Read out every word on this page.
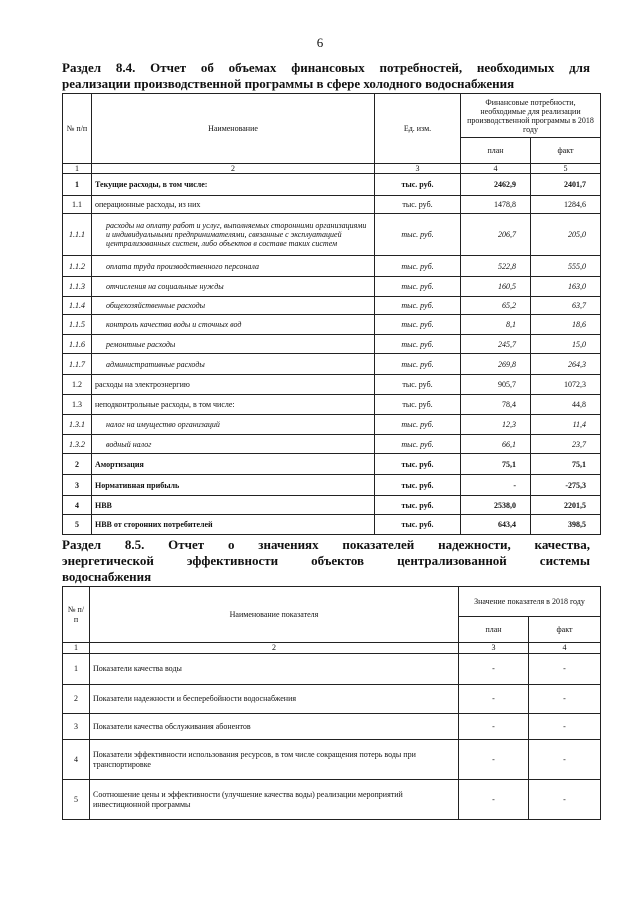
6
Раздел 8.4. Отчет об объемах финансовых потребностей, необходимых для
реализации производственной программы в сфере холодного водоснабжения
№ п/п	Наименование	Ед. изм.	Финансовые потребности, необходимые для реализации производственной программы в 2018 году	
			план	факт
1	2	3	4	5
1	Текущие расходы, в том числе:	тыс. руб.	2462,9	2401,7
1.1	операционные расходы, из них	тыс. руб.	1478,8	1284,6
1.1.1	расходы на оплату работ и услуг, выполняемых сторонними организациями и индивидуальными предпринимателями, связанные с эксплуатацией централизованных систем, либо объектов в составе таких систем	тыс. руб.	206,7	205,0
1.1.2	оплата труда производственного персонала	тыс. руб.	522,8	555,0
1.1.3	отчисления на социальные нужды	тыс. руб.	160,5	163,0
1.1.4	общехозяйственные расходы	тыс. руб.	65,2	63,7
1.1.5	контроль качества воды и сточных вод	тыс. руб.	8,1	18,6
1.1.6	ремонтные расходы	тыс. руб.	245,7	15,0
1.1.7	административные расходы	тыс. руб.	269,8	264,3
1.2	расходы на электроэнергию	тыс. руб.	905,7	1072,3
1.3	неподконтрольные расходы, в том числе:	тыс. руб.	78,4	44,8
1.3.1	налог на имущество организаций	тыс. руб.	12,3	11,4
1.3.2	водный налог	тыс. руб.	66,1	23,7
2	Амортизация	тыс. руб.	75,1	75,1
3	Нормативная прибыль	тыс. руб.	-	-275,3
4	НВВ	тыс. руб.	2538,0	2201,5
5	НВВ от сторонних потребителей	тыс. руб.	643,4	398,5
Раздел 8.5. Отчет о значениях показателей надежности, качества,
энергетической эффективности объектов централизованной системы
водоснабжения
№ п/п	Наименование показателя	Значение показателя в 2018 году	
		план	факт
1	2	3	4
1	Показатели качества воды	-	-
2	Показатели надежности и бесперебойности водоснабжения	-	-
3	Показатели качества обслуживания абонентов	-	-
4	Показатели эффективности использования ресурсов, в том числе сокращения потерь воды при транспортировке	-	-
5	Соотношение цены и эффективности (улучшение качества воды) реализации мероприятий инвестиционной программы	-	-
